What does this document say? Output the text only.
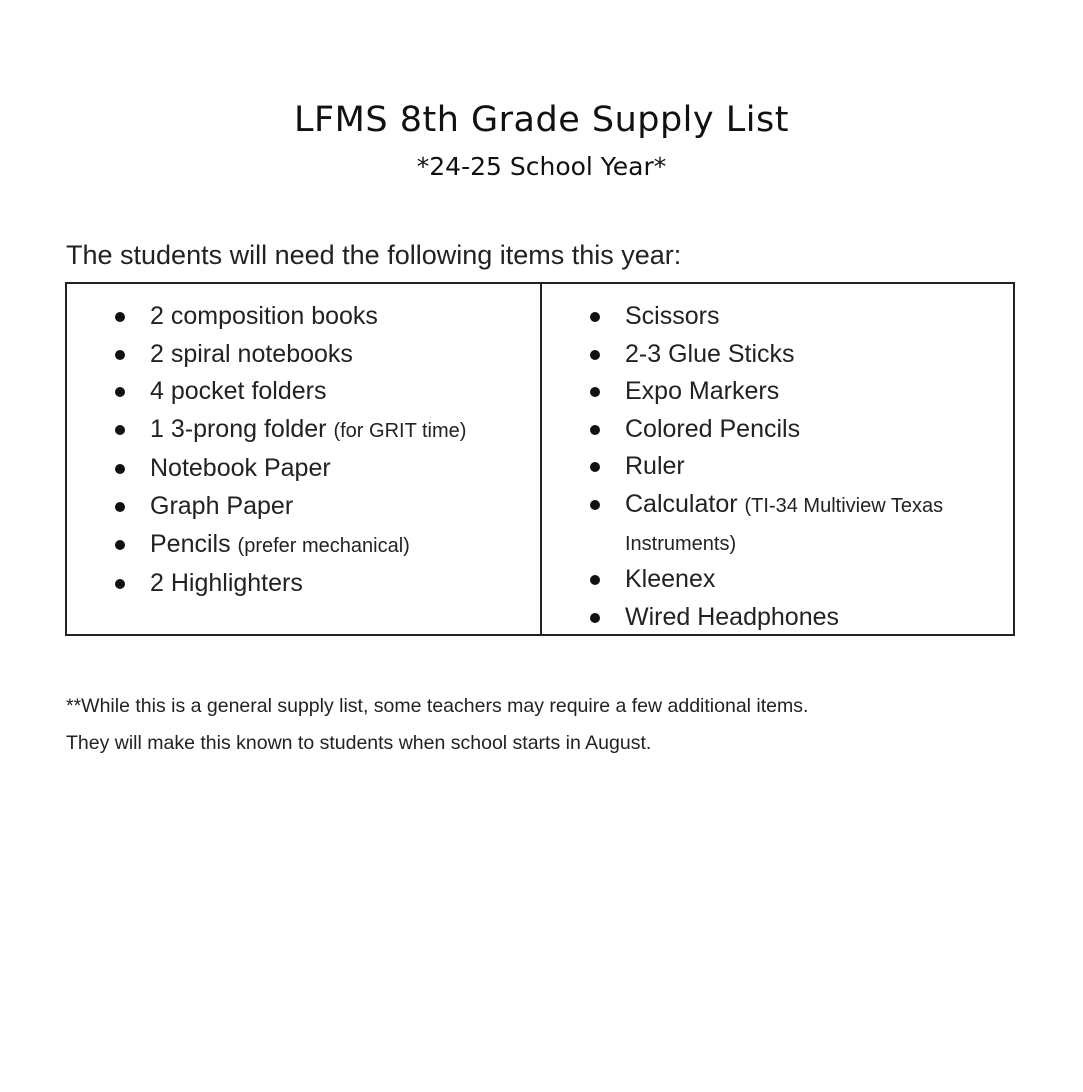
LFMS 8th Grade Supply List
*24-25 School Year*

The students will need the following items this year:

2 composition books
2 spiral notebooks
4 pocket folders
1 3-prong folder (for GRIT time)
Notebook Paper
Graph Paper
Pencils (prefer mechanical)
2 Highlighters
Scissors
2-3 Glue Sticks
Expo Markers
Colored Pencils
Ruler
Calculator (TI-34 Multiview Texas Instruments)
Kleenex
Wired Headphones
**While this is a general supply list, some teachers may require a few additional items.
They will make this known to students when school starts in August.
